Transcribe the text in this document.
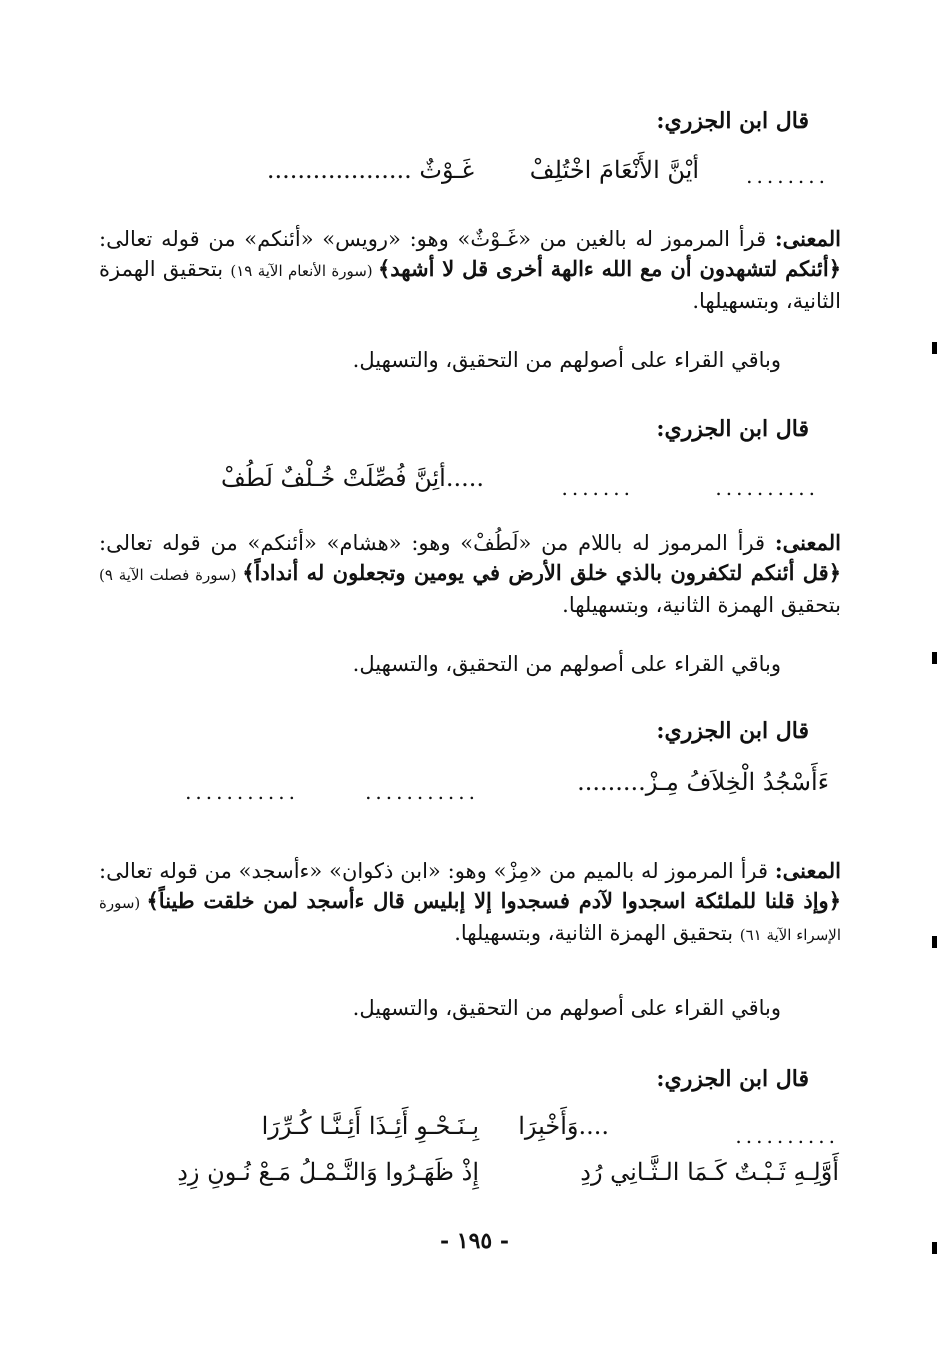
قال ابن الجزري:
........
أيْنَّ الأَنْعَامَ اخْتُلِفْ
غَـوْثٌ ...................
المعنى: قرأ المرموز له بالغين من «غَـوْثٌ» وهو: «رويس» «أئنكم» من قوله تعالى: ﴿أئنكم لتشهدون أن مع الله ءالهة أخرى قل لا أشهد﴾ (سورة الأنعام الآية ١٩) بتحقيق الهمزة الثانية، وبتسهيلها.
وباقي القراء على أصولهم من التحقيق، والتسهيل.
قال ابن الجزري:
..........
.......
.....أئِنَّ فُصِّلَتْ خُـلْفٌ لَطُفْ
المعنى: قرأ المرموز له باللام من «لَطُفْ» وهو: «هشام» «أئنكم» من قوله تعالى: ﴿قل أئنكم لتكفرون بالذي خلق الأرض في يومين وتجعلون له أنداداً﴾ (سورة فصلت الآية ٩) بتحقيق الهمزة الثانية، وبتسهيلها.
وباقي القراء على أصولهم من التحقيق، والتسهيل.
قال ابن الجزري:
ءَأَسْجُدُ الْخِلاَفُ مِـزْ.........
...........
...........
المعنى: قرأ المرموز له بالميم من «مِزْ» وهو: «ابن ذكوان» «ءأسجد» من قوله تعالى: ﴿وإذ قلنا للملئكة اسجدوا لآدم فسجدوا إلا إبليس قال ءأسجد لمن خلقت طيناً﴾ (سورة الإسراء الآية ٦١) بتحقيق الهمزة الثانية، وبتسهيلها.
وباقي القراء على أصولهم من التحقيق، والتسهيل.
قال ابن الجزري:
..........
....وَأَخْبِرَا
بِـنَـحْـوِ أَئِـذَا أَئِـنَّـا كُـرِّرَا
أَوَّلِـهِ ثَـبْـتٌ كَـمَا الـثَّـانِي رُدِ
إِذْ ظَهَـرُوا وَالنَّـمْـلُ مَـعْ نُـونِ زِدِ
- ١٩٥ -
